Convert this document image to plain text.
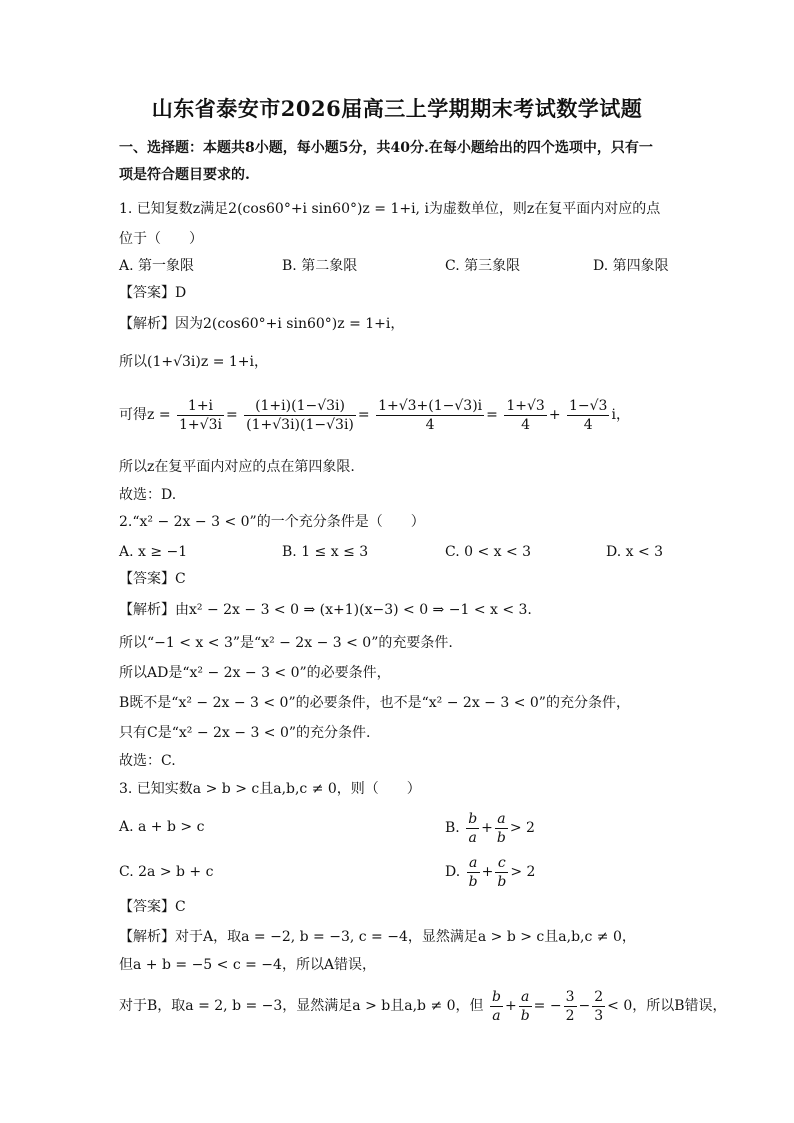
山东省泰安市2026届高三上学期期末考试数学试题
一、选择题：本题共8小题，每小题5分，共40分.在每小题给出的四个选项中，只有一
项是符合题目要求的.
1. 已知复数z满足2(cos60°+i sin60°)z = 1+i, i为虚数单位，则z在复平面内对应的点
位于（　　）
A. 第一象限	B. 第二象限	C. 第三象限	D. 第四象限
【答案】D
【解析】因为2(cos60°+i sin60°)z = 1+i，
所以(1+√3i)z = 1+i，
可得$z = \frac{1+i}{1+√3i} = \frac{(1+i)(1-√3i)}{(1+√3i)(1-√3i)} = \frac{1+√3+(1-√3)i}{4} = \frac{1+√3}{4} + \frac{1-√3}{4}$ i，
所以z在复平面内对应的点在第四象限.
故选：D.
2.“x² − 2x − 3 < 0”的一个充分条件是（　　）
A. x ≥ −1	B. 1 ≤ x ≤ 3	C. 0 < x < 3	D. x < 3
【答案】C
【解析】由x² − 2x − 3 < 0 ⇒ (x+1)(x−3) < 0 ⇒ −1 < x < 3.
所以“−1 < x < 3”是“x² − 2x − 3 < 0”的充要条件.
所以AD是“x² − 2x − 3 < 0”的必要条件，
B既不是“x² − 2x − 3 < 0”的必要条件，也不是“x² − 2x − 3 < 0”的充分条件，
只有C是“x² − 2x − 3 < 0”的充分条件.
故选：C.
3. 已知实数a > b > c且a,b,c ≠ 0，则（　　）
A. a + b > c	B. $\frac{b}{a} + \frac{a}{b} > 2$
C. 2a > b + c	D. $\frac{a}{b} + \frac{c}{b} > 2$
【答案】C
【解析】对于A，取a = −2, b = −3, c = −4，显然满足a > b > c且a,b,c ≠ 0，
但a + b = −5 < c = −4，所以A错误，
对于B，取a = 2, b = −3，显然满足a > b且a,b ≠ 0，但 $\frac{b}{a} + \frac{a}{b}$ = − $\frac{3}{2} - \frac{2}{3} < 0$，所以B错误，
